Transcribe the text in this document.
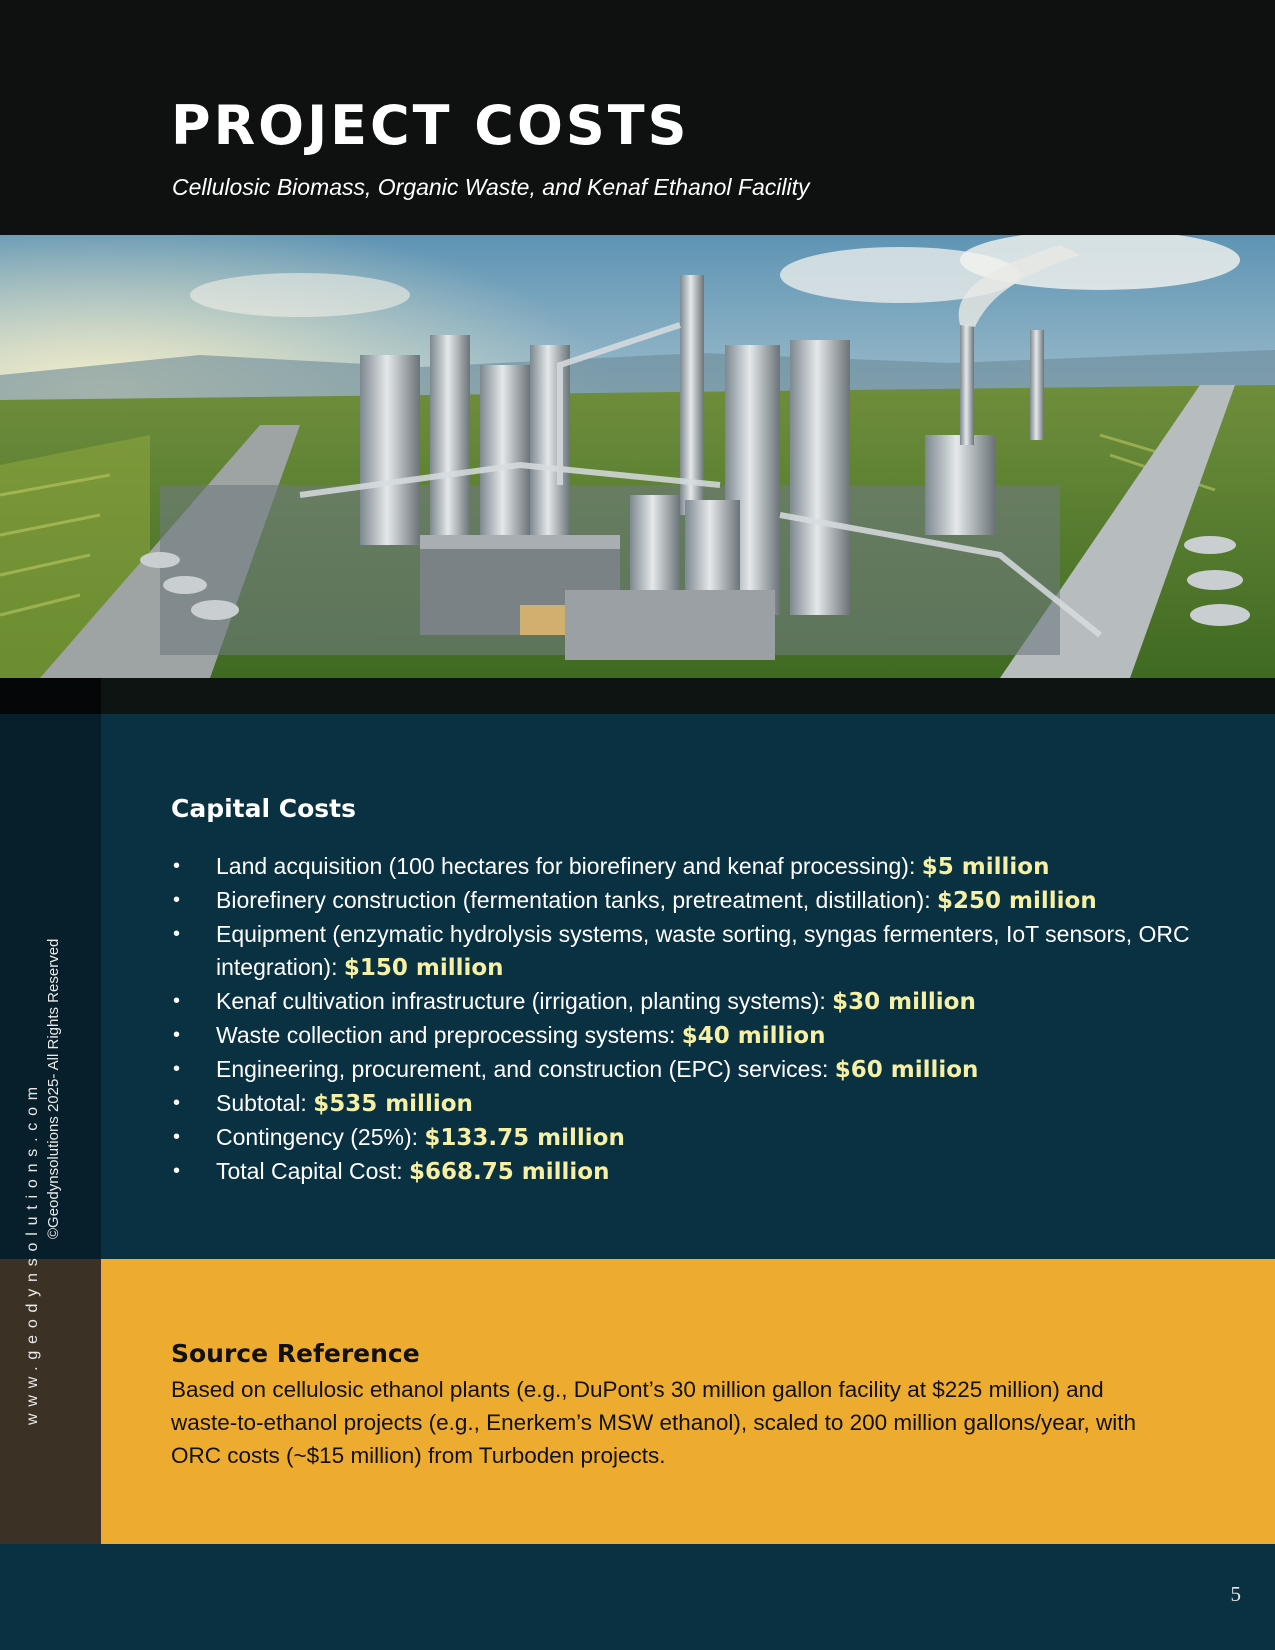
PROJECT COSTS

Cellulosic Biomass, Organic Waste, and Kenaf Ethanol Facility

www.geodynsolutions.com ©Geodynsolutions 2025- All Rights Reserved
Capital Costs
• Land acquisition (100 hectares for biorefinery and kenaf processing): $5 million
• Biorefinery construction (fermentation tanks, pretreatment, distillation): $250 million
• Equipment (enzymatic hydrolysis systems, waste sorting, syngas fermenters, IoT sensors, ORC integration): $150 million
• Kenaf cultivation infrastructure (irrigation, planting systems): $30 million
• Waste collection and preprocessing systems: $40 million
• Engineering, procurement, and construction (EPC) services: $60 million
• Subtotal: $535 million
• Contingency (25%): $133.75 million
• Total Capital Cost: $668.75 million
Source Reference

Based on cellulosic ethanol plants (e.g., DuPont’s 30 million gallon facility at $225 million) and waste-to-ethanol projects (e.g., Enerkem’s MSW ethanol), scaled to 200 million gallons/year, with ORC costs (~$15 million) from Turboden projects.

5
